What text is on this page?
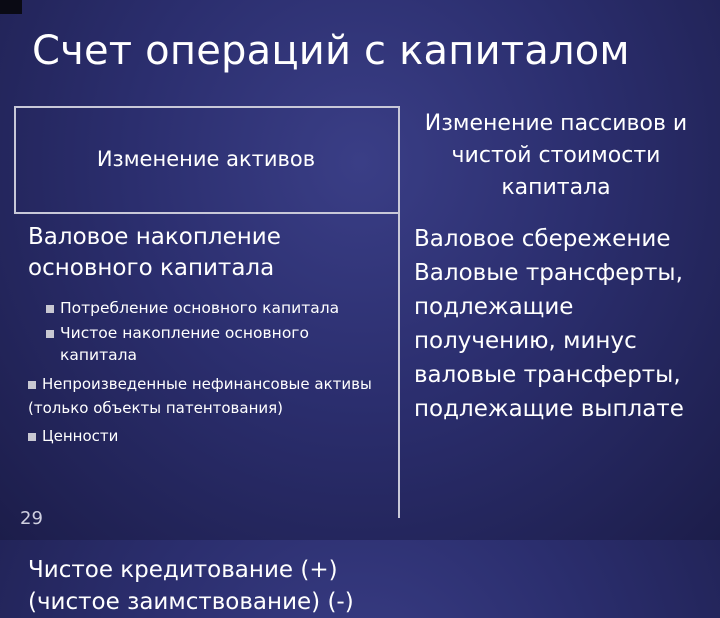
Счет операций с капиталом
Изменение активов
Изменение пассивов и чистой стоимости капитала
Валовое накопление основного капитала
Потребление основного капитала
Чистое накопление основного капитала
Непроизведенные нефинансовые активы (только объекты патентования)
Ценности
Чистое кредитование (+) (чистое заимствование) (-)
Валовое сбережение
Валовые трансферты, подлежащие получению, минус валовые трансферты, подлежащие выплате
29
